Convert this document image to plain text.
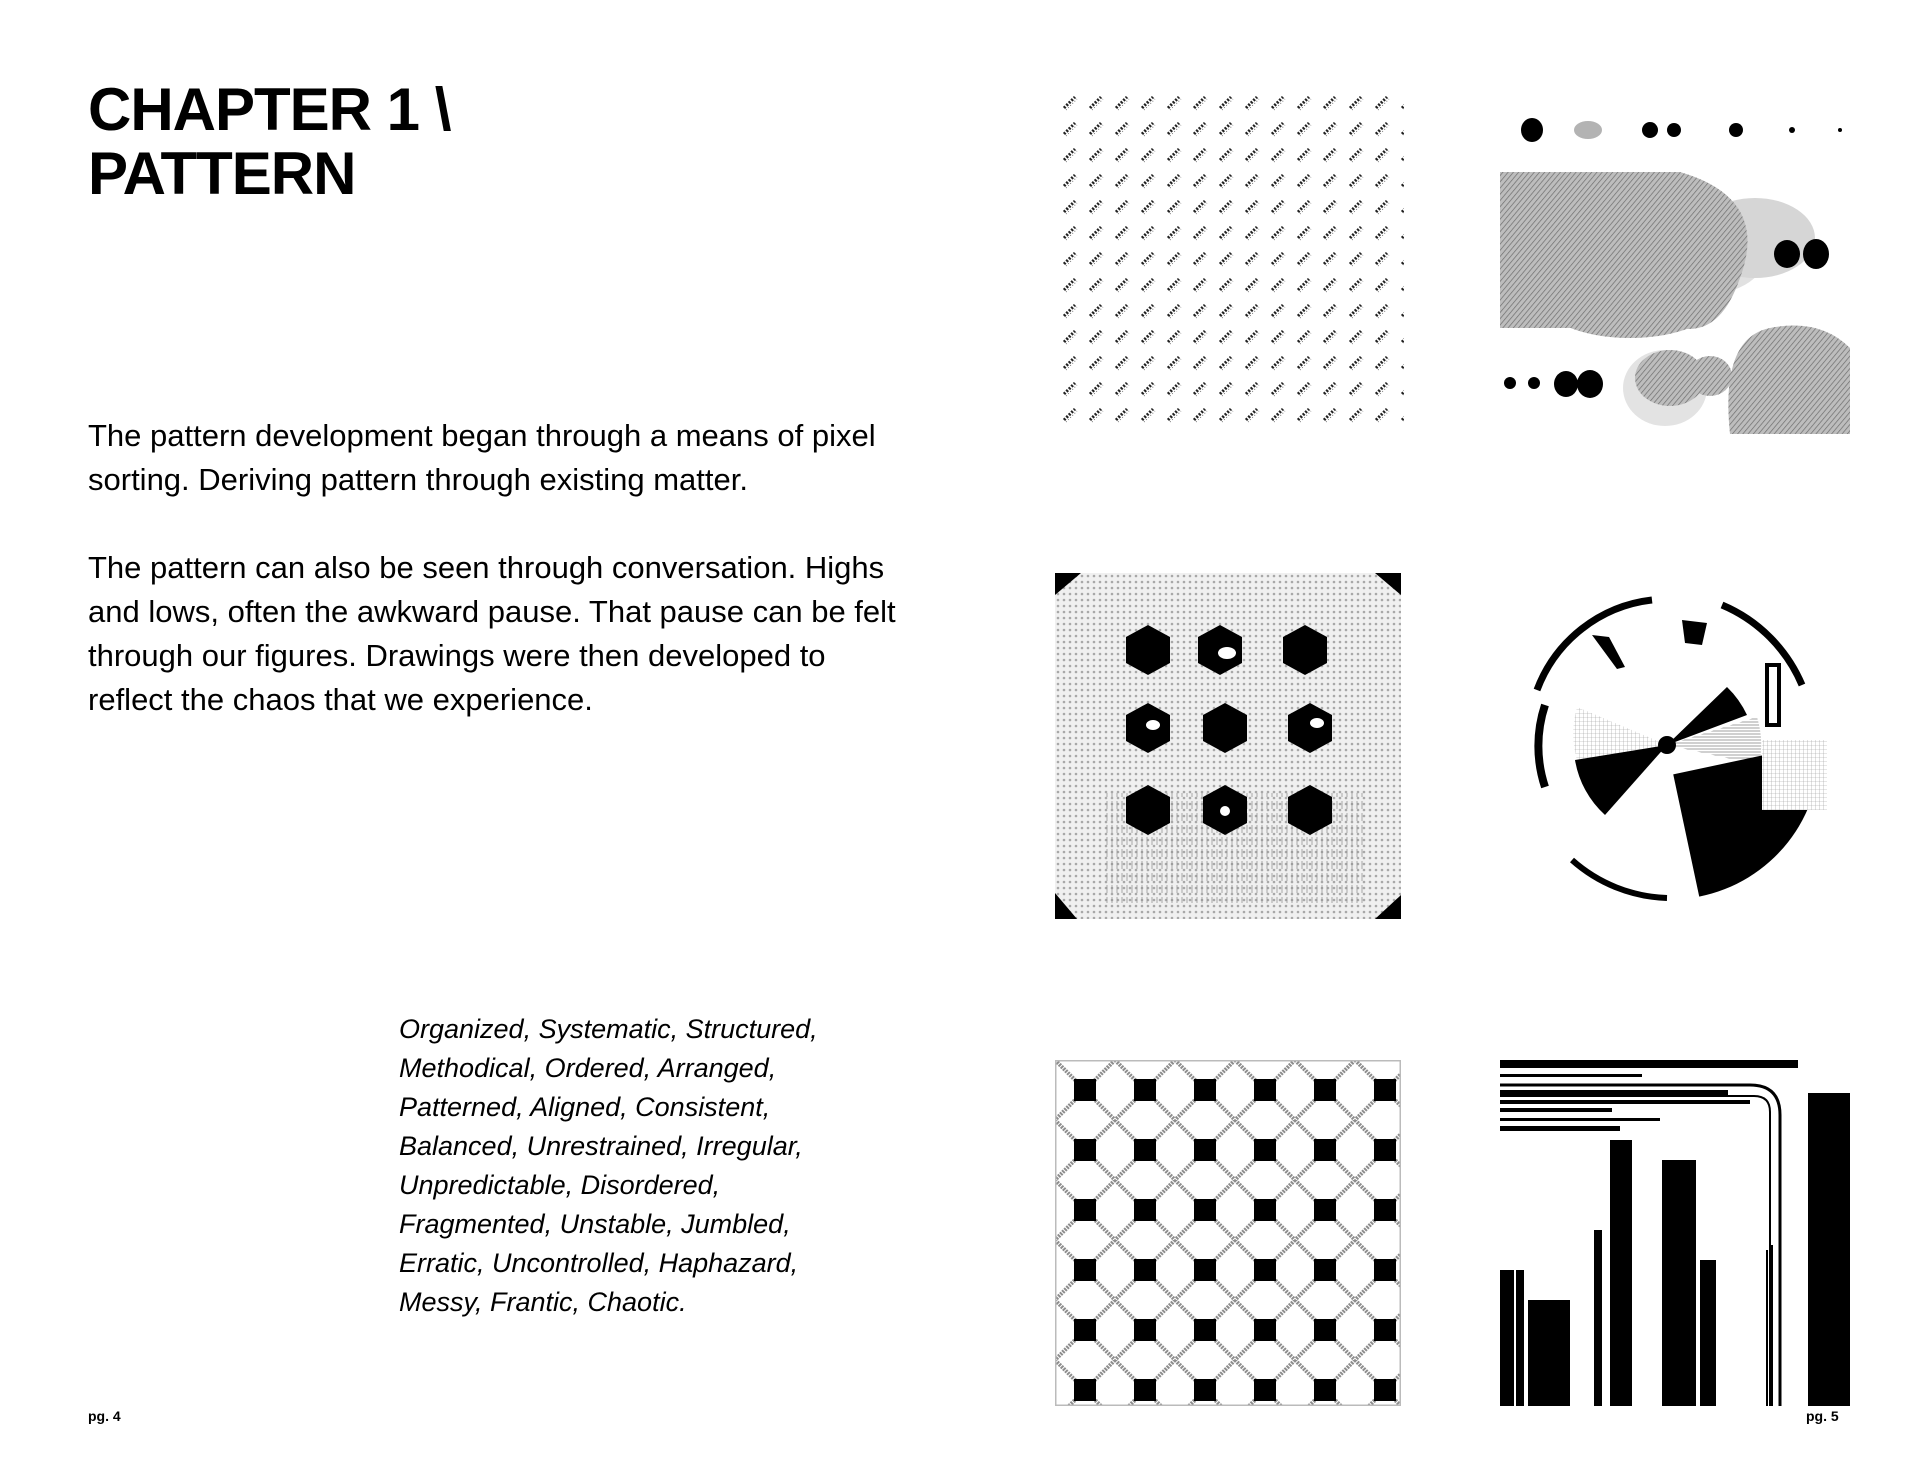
CHAPTER 1 \
PATTERN

The pattern development began through a means of pixel sorting. Deriving pattern through existing matter.

The pattern can also be seen through conversation. Highs and lows, often the awkward pause. That pause can be felt through our figures. Drawings were then developed to reflect the chaos that we experience.

Organized, Systematic, Structured, Methodical, Ordered, Arranged, Patterned, Aligned, Consistent, Balanced, Unrestrained, Irregular, Unpredictable, Disordered, Fragmented, Unstable, Jumbled, Erratic, Uncontrolled, Haphazard, Messy, Frantic, Chaotic.
pg. 4	pg. 5
